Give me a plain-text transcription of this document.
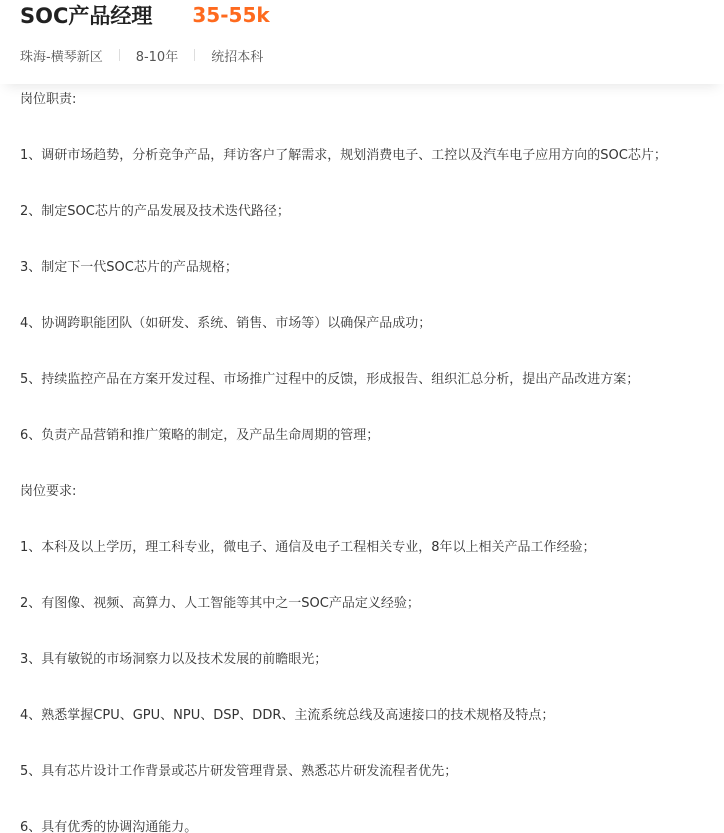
SOC产品经理 35-55k
珠海-横琴新区	8-10年	统招本科
岗位职责:
1、调研市场趋势，分析竞争产品，拜访客户了解需求，规划消费电子、工控以及汽车电子应用方向的SOC芯片；
2、制定SOC芯片的产品发展及技术迭代路径；
3、制定下一代SOC芯片的产品规格；
4、协调跨职能团队（如研发、系统、销售、市场等）以确保产品成功；
5、持续监控产品在方案开发过程、市场推广过程中的反馈，形成报告、组织汇总分析，提出产品改进方案；
6、负责产品营销和推广策略的制定，及产品生命周期的管理；
岗位要求:
1、本科及以上学历，理工科专业，微电子、通信及电子工程相关专业，8年以上相关产品工作经验；
2、有图像、视频、高算力、人工智能等其中之一SOC产品定义经验；
3、具有敏锐的市场洞察力以及技术发展的前瞻眼光；
4、熟悉掌握CPU、GPU、NPU、DSP、DDR、主流系统总线及高速接口的技术规格及特点；
5、具有芯片设计工作背景或芯片研发管理背景、熟悉芯片研发流程者优先；
6、具有优秀的协调沟通能力。
